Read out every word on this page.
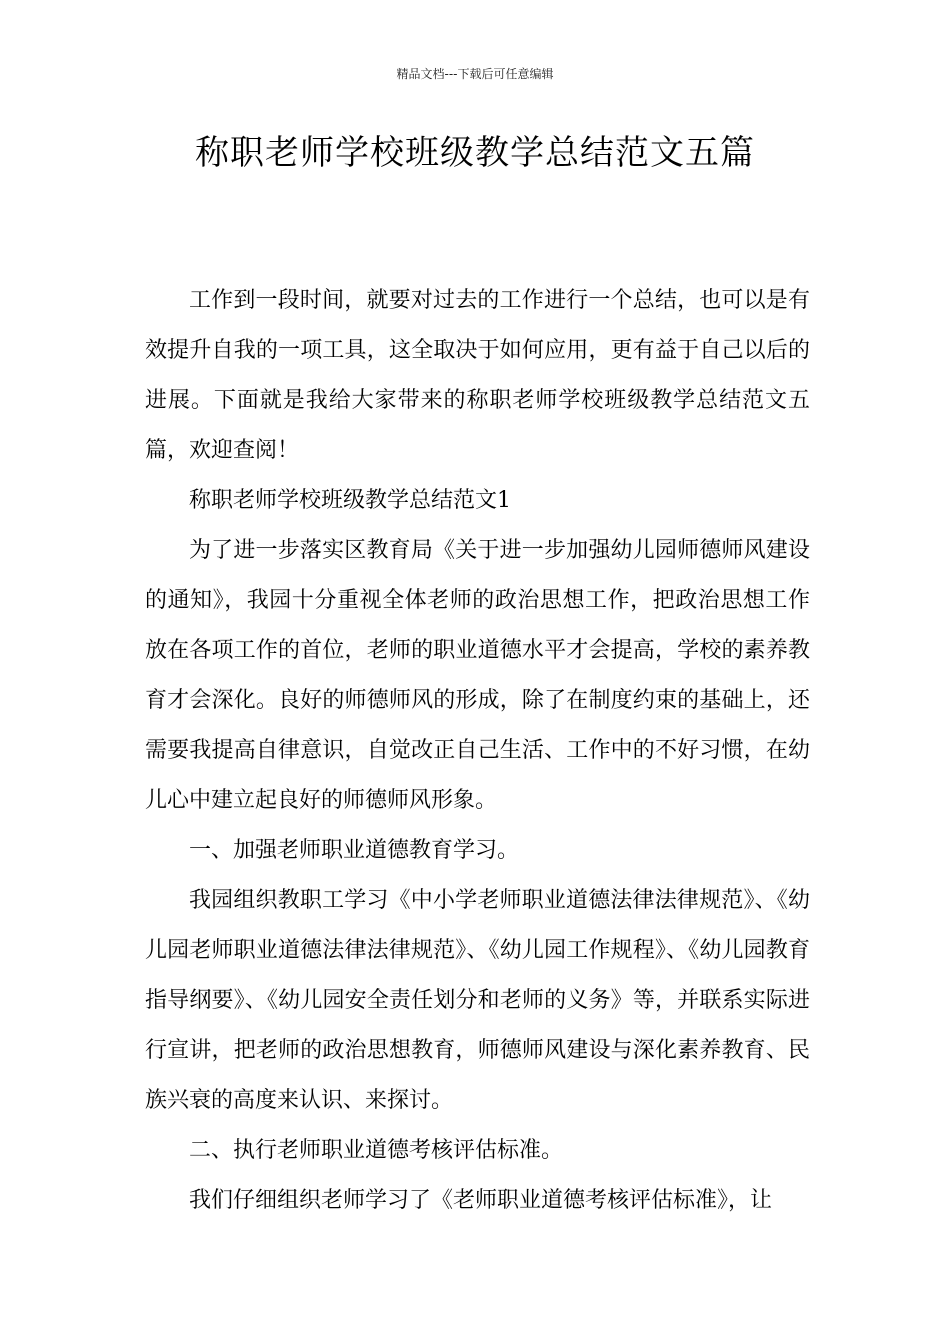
精品文档---下载后可任意编辑
称职老师学校班级教学总结范文五篇

工作到一段时间，就要对过去的工作进行一个总结，也可以是有效提升自我的一项工具，这全取决于如何应用，更有益于自己以后的进展。下面就是我给大家带来的称职老师学校班级教学总结范文五篇，欢迎查阅！

称职老师学校班级教学总结范文1

为了进一步落实区教育局《关于进一步加强幼儿园师德师风建设的通知》，我园十分重视全体老师的政治思想工作，把政治思想工作放在各项工作的首位，老师的职业道德水平才会提高，学校的素养教育才会深化。良好的师德师风的形成，除了在制度约束的基础上，还需要我提高自律意识，自觉改正自己生活、工作中的不好习惯，在幼儿心中建立起良好的师德师风形象。

一、加强老师职业道德教育学习。

我园组织教职工学习《中小学老师职业道德法律法律规范》、《幼儿园老师职业道德法律法律规范》、《幼儿园工作规程》、《幼儿园教育指导纲要》、《幼儿园安全责任划分和老师的义务》等，并联系实际进行宣讲，把老师的政治思想教育，师德师风建设与深化素养教育、民族兴衰的高度来认识、来探讨。

二、执行老师职业道德考核评估标准。

我们仔细组织老师学习了《老师职业道德考核评估标准》，让
